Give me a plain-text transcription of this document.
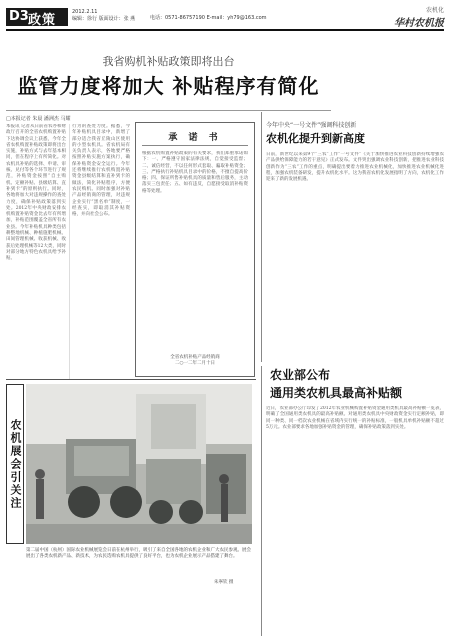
D3 政策
2012.2.11
编辑：徐行 版面设计：张 燕	电话：0571-86757190 E-mail：yh79@163.com
农机化
华村农机报
我省购机补贴政策即将出台
监管力度将加大 补贴程序有简化
□本报记者 朱晨 潘洲杰 马耀
本报讯 记者从日前省农办和财政厅召开的全省农机购置补贴下达协调会议上获悉，今年全省农机购置补贴政策即将出台实施，补贴方式与去年基本相同，但在程序上有所简化。对农机具补贴的选择、申请、审核、兑付等各个环节进行了规范，补贴资金按照“自主购机、定额补贴、县级结算、直补到卡”的原则执行。同时，各地将加大对违规操作的查处力度，确保补贴政策落到实处。2012年中央财政安排农机购置补贴资金比去年有所增加，补贴范围覆盖全省所有农业县。今年补贴机具种类包括耕整地机械、种植施肥机械、田间管理机械、收获机械、收获后处理机械等12大类，同时对部分地方特色农机具给予补贴。
行为的查处力度。据悉，今年补贴机具目录中，新增了部分适合我省丘陵山区使用的小型农机具。省农机局有关负责人表示，各地要严格按照补贴实施方案执行，确保补贴资金安全运行。今年还将继续推行农机购置补贴资金县级结算和直补到卡的做法，简化补贴程序，方便农民购机。同时加强对补贴产品经销商的管理，对违规企业实行“黑名单”制度，一经查实，即取消其补贴资格，并向社会公布。
承 诺 书
根据农机购置补贴政策的有关要求，我们郑重承诺如下：一、严格遵守国家法律法规，自觉接受监督；二、诚信经营，不以任何形式套取、骗取补贴资金；三、严格执行补贴机具目录中的价格，不擅自提高价格；四、保证所售补贴机具的质量和售后服务，主动落实三包责任；五、如有违反，自愿接受取消补贴资格等处理。
全省农机补贴产品经销商
二○一二年二月十日
今年中央“一号文件”强调科技创新
农机化提升到新高度
日前，新世纪以来第9个“三农”工作“一号文件”《关于加快推进农业科技创新持续增强农产品供给保障能力的若干意见》正式发布。文件突出强调农业科技创新，把推进农业科技创新作为“三农”工作的重点，明确提出要着力推进农业机械化，加快推进农业机械化进程，加强农机装备研发，提升农机化水平。这为我省农机化发展指明了方向，农机化工作迎来了新的发展机遇。
农机展会引关注
第二届中国（杭州）国际农业机械展览会日前在杭州举行，吸引了来自全国各地的农机企业和广大农民参观。展会展出了各类农机新产品、新技术，为农民选购农机具提供了良好平台，也为农机企业展示产品搭建了舞台。
朱寧钦 摄
农业部公布
通用类农机具最高补贴额
近日，农业部办公厅印发了2012年农业机械购置补贴资金通用类机具最高补贴额一览表，明确了全国通用类农机具的最高补贴额。对通用类农机具中央财政资金实行定额补贴，即同一种类、同一档次农业机械在省域内实行统一的补贴标准，一般机具单机补贴额不超过5万元。农业部要求各地加强补贴资金的管理，确保补贴政策落到实处。
